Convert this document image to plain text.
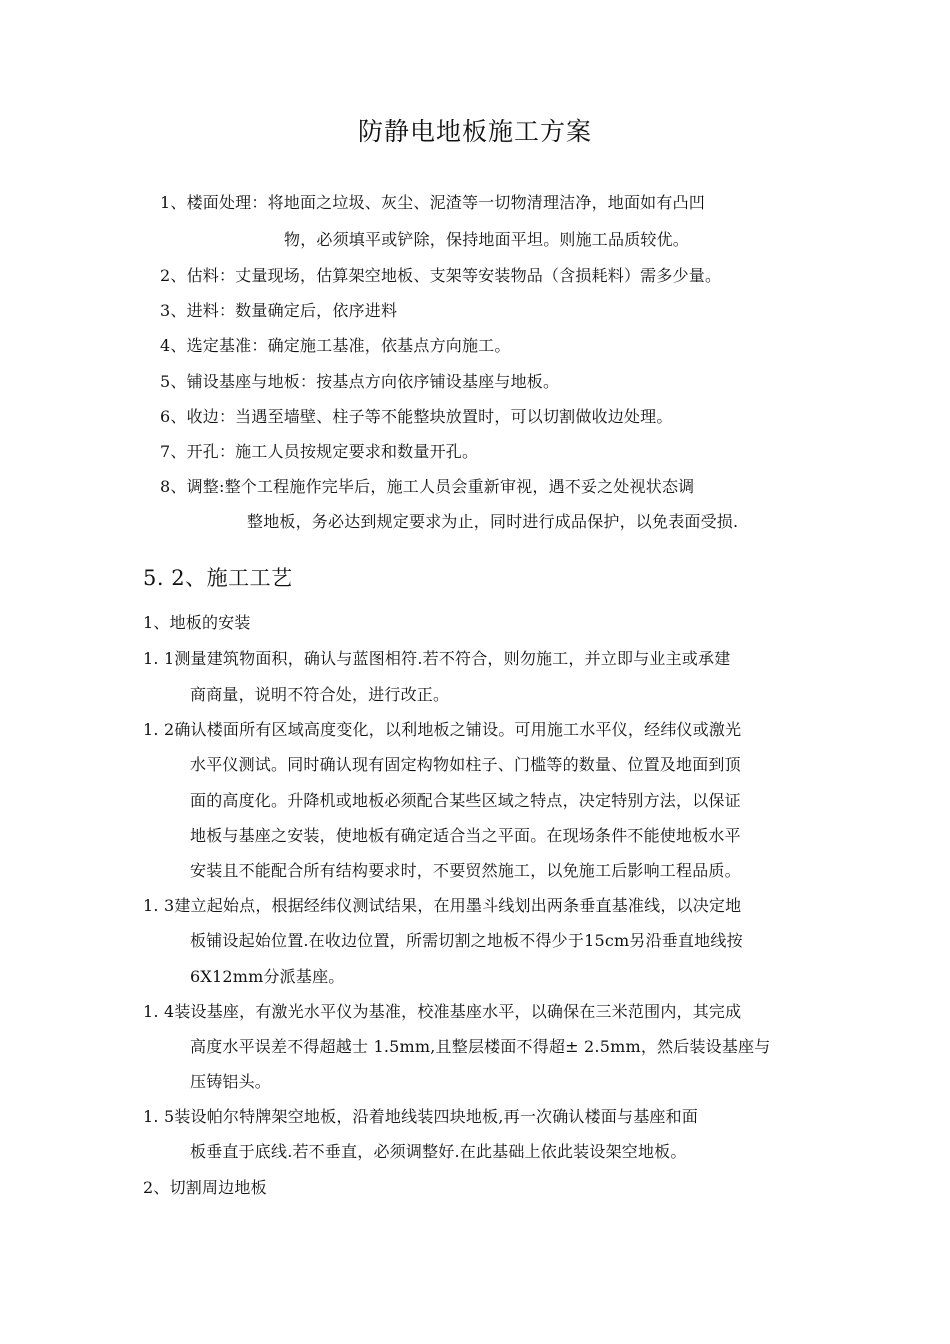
防静电地板施工方案
1、楼面处理：将地面之垃圾、灰尘、泥渣等一切物清理洁净，地面如有凸凹
物，必须填平或铲除，保持地面平坦。则施工品质较优。
2、估料：丈量现场，估算架空地板、支架等安装物品（含损耗料）需多少量。
3、进料：数量确定后，依序进料
4、选定基准：确定施工基准，依基点方向施工。
5、铺设基座与地板：按基点方向依序铺设基座与地板。
6、收边：当遇至墙壁、柱子等不能整块放置时，可以切割做收边处理。
7、开孔：施工人员按规定要求和数量开孔。
8、调整:整个工程施作完毕后，施工人员会重新审视，遇不妥之处视状态调
整地板，务必达到规定要求为止，同时进行成品保护，以免表面受损.
5. 2、施工工艺
1、地板的安装
1. 1测量建筑物面积，确认与蓝图相符.若不符合，则勿施工，并立即与业主或承建
商商量，说明不符合处，进行改正。
1. 2确认楼面所有区域高度变化，以利地板之铺设。可用施工水平仪，经纬仪或激光
水平仪测试。同时确认现有固定构物如柱子、门槛等的数量、位置及地面到顶
面的高度化。升降机或地板必须配合某些区域之特点，决定特别方法，以保证
地板与基座之安装，使地板有确定适合当之平面。在现场条件不能使地板水平
安装且不能配合所有结构要求时，不要贸然施工，以免施工后影响工程品质。
1. 3建立起始点，根据经纬仪测试结果，在用墨斗线划出两条垂直基准线，以决定地
板铺设起始位置.在收边位置，所需切割之地板不得少于15cm另沿垂直地线按
6X12mm分派基座。
1. 4装设基座，有激光水平仪为基准，校准基座水平，以确保在三米范围内，其完成
高度水平误差不得超越士 1.5mm,且整层楼面不得超± 2.5mm，然后装设基座与
压铸铝头。
1. 5装设帕尔特牌架空地板，沿着地线装四块地板,再一次确认楼面与基座和面
板垂直于底线.若不垂直，必须调整好.在此基础上依此装设架空地板。
2、切割周边地板
